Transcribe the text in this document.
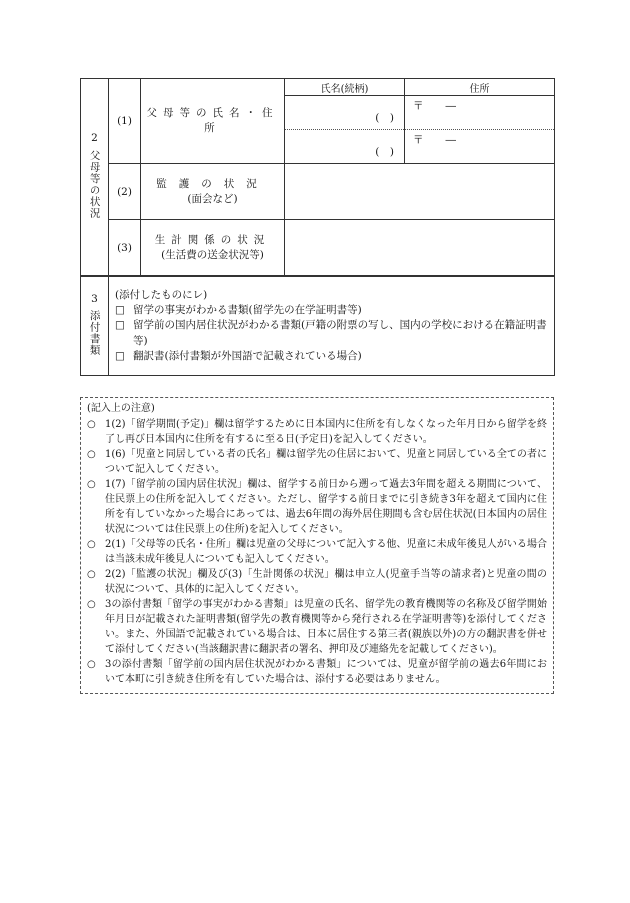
2
父母等の状況	(1)	父母等の氏名・住所	氏名(続柄)	住所
			(　)	〒 ―
			(　)	〒 ―
	(2)	監護の状況
(面会など)		

	(3)	生計関係の状況
(生活費の送金状況等)		

3
添付書類	
(添付したものにレ)
□ 留学の事実がわかる書類(留学先の在学証明書等)
□ 留学前の国内居住状況がわかる書類(戸籍の附票の写し、国内の学校における在籍証明書等)
□ 翻訳書(添付書類が外国語で記載されている場合)
(記入上の注意)
○ 1(2)「留学期間(予定)」欄は留学するために日本国内に住所を有しなくなった年月日から留学を終了し再び日本国内に住所を有するに至る日(予定日)を記入してください。
○ 1(6)「児童と同居している者の氏名」欄は留学先の住居において、児童と同居している全ての者について記入してください。
○ 1(7)「留学前の国内居住状況」欄は、留学する前日から遡って過去3年間を超える期間について、住民票上の住所を記入してください。ただし、留学する前日までに引き続き3年を超えて国内に住所を有していなかった場合にあっては、過去6年間の海外居住期間も含む居住状況(日本国内の居住状況については住民票上の住所)を記入してください。
○ 2(1)「父母等の氏名・住所」欄は児童の父母について記入する他、児童に未成年後見人がいる場合は当該未成年後見人についても記入してください。
○ 2(2)「監護の状況」欄及び(3)「生計関係の状況」欄は申立人(児童手当等の請求者)と児童の間の状況について、具体的に記入してください。
○ 3の添付書類「留学の事実がわかる書類」は児童の氏名、留学先の教育機関等の名称及び留学開始年月日が記載された証明書類(留学先の教育機関等から発行される在学証明書等)を添付してください。また、外国語で記載されている場合は、日本に居住する第三者(親族以外)の方の翻訳書を併せて添付してください(当該翻訳書に翻訳者の署名、押印及び連絡先を記載してください)。
○ 3の添付書類「留学前の国内居住状況がわかる書類」については、児童が留学前の過去6年間において本町に引き続き住所を有していた場合は、添付する必要はありません。
